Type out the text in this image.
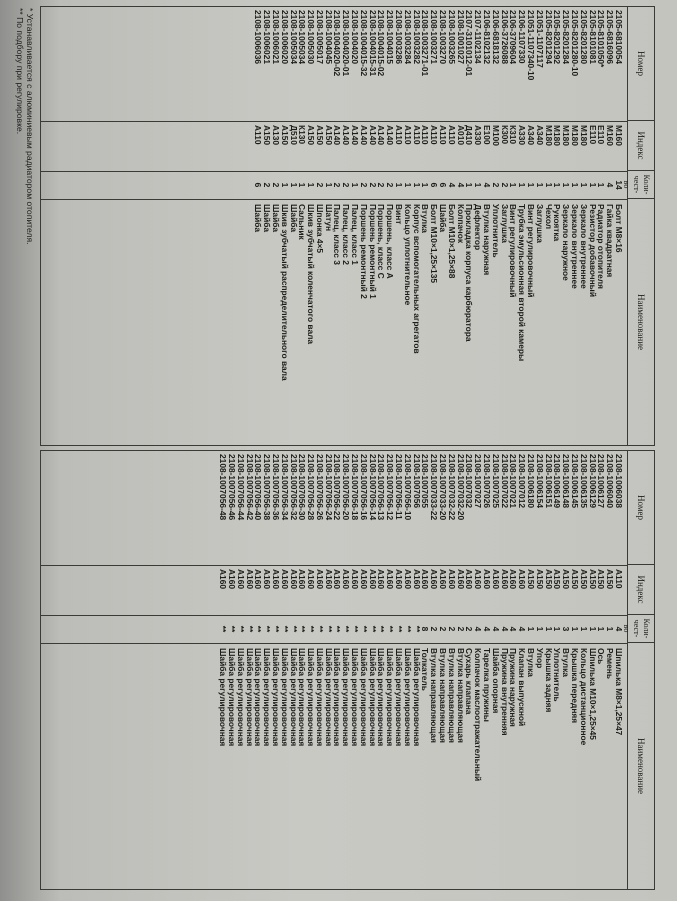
Номер
Индекс
Коли-
чест-
во
Наименование
2105-6810054
М160
14
Болт М8×16
2105-6816096
М160
4
Гайка квадратная
2105-8101050*
Е110
1
Радиатор отопителя
2105-8101081
Е110
1
Резистор добавочный
2105-8201280
М180
1
Зеркало внутреннее
2105-8201280-10
М180
1
Зеркало внутреннее
2105-8201284
М180
1
Зеркало наружное
2105-8201292
М180
1
Рукоятка
2105-8201294
М180
1
Чехол
21051-1107117
А340
1
Заглушка
21051-1107340-10
А340
1
Винт регулировочный
2106-1107330
А330
1
Трубка эмульсионная второй камеры
2106-3709604
К310
1
Винт регулировочный
2106-3726088
К300
2
Заглушка
2106-6818132
М100
2
Уплотнитель
2106-8102132
Е100
4
Втулка наружная
2107-1102134
А330
1
Дефлектор
2107-3101012-01
Д410
1
Прокладка корпуса карбюратора
2108-1001027
А010
4
Колпачок
2108-1003265
А110
4
Болт М10×1,25×88
2108-1003270
А110
6
Шайба
2108-1003271
А110
6
Болт М10×1,25×135
2108-1003271-01
А110
1
Втулка
2108-1003282
А110
1
Корпус вспомогательных агрегатов
2108-1003284
А110
1
Кольцо уплотнительное
2108-1003286
А110
1
Винт
2108-1004015
А140
2
Поршень, класс А
2108-1004015-02
А140
2
Поршень, класс С
2108-1004015-31
А140
2
Поршень ремонтный 1
2108-1004015-32
А140
2
Поршень ремонтный 2
2108-1004020
А140
1
Палец, класс 1
2108-1004020-01
А140
2
Палец, класс 2
2108-1004020-02
А140
2
Палец, класс 3
2108-1004045
А150
1
Шатун
2108-1005017
А150
2
Шпонка 4×5
2108-1005030
А150
1
Шкив зубчатый коленчатого вала
2108-1005034
К130
1
Сальник
2108-1005034
Д510
1
Шайба
2108-1006020
А150
1
Шкив зубчатый распределительного вала
2108-1006021
А130
2
Шайба
2108-1006021
А150
2
Шайба
2108-1006036
А110
6
Шайба
Номер
Индекс
Коли-
чест-
во
Наименование
2108-1006038
А110
4
Шпилька М8×1,25×47
2108-1006040
А150
1
Ремень
2108-1006127
А150
1
Ось
2108-1006129
А150
1
Шпилька М10×1,25×45
2108-1006135
А150
1
Кольцо дистанционное
2108-1006145
А150
1
Крышка передняя
2108-1006148
А150
3
Втулка
2108-1006149
А150
1
Уплотнитель
2108-1006151
А150
1
Крышка задняя
2108-1006154
А150
1
Упор
2108-1006180
А150
1
Втулка
2108-1007012
А160
4
Клапан выпускной
2108-1007021
А160
4
Пружина наружная
2108-1007022
А160
4
Пружина внутренняя
2108-1007025
А160
4
Шайба опорная
2108-1007026
А160
4
Тарелка пружины
2108-1007027
А160
4
Колпачок маслоотражательный
2108-1007032
А160
2
Сухарь клапана
2108-1007032-20
А160
2
Втулка направляющая
2108-1007032-22
А160
2
Втулка направляющая
2108-1007033-20
А160
2
Втулка направляющая
2108-1007033-22
А160
2
Втулка направляющая
2108-1007055
А160
8
Толкатель
2108-1007056
А160
**
Шайба регулировочная
2108-1007056-10
А160
**
Шайба регулировочная
2108-1007056-11
А160
**
Шайба регулировочная
2108-1007056-12
А160
**
Шайба регулировочная
2108-1007056-13
А160
**
Шайба регулировочная
2108-1007056-14
А160
**
Шайба регулировочная
2108-1007056-16
А160
**
Шайба регулировочная
2108-1007056-18
А160
**
Шайба регулировочная
2108-1007056-20
А160
**
Шайба регулировочная
2108-1007056-22
А160
**
Шайба регулировочная
2108-1007056-24
А160
**
Шайба регулировочная
2108-1007056-26
А160
**
Шайба регулировочная
2108-1007056-28
А160
**
Шайба регулировочная
2108-1007056-30
А160
**
Шайба регулировочная
2108-1007056-32
А160
**
Шайба регулировочная
2108-1007056-34
А160
**
Шайба регулировочная
2108-1007056-36
А160
**
Шайба регулировочная
2108-1007056-38
А160
**
Шайба регулировочная
2108-1007056-40
А160
**
Шайба регулировочная
2108-1007056-42
А160
**
Шайба регулировочная
2108-1007056-44
А160
**
Шайба регулировочная
2108-1007056-46
А160
**
Шайба регулировочная
2108-1007056-48
А160
**
Шайба регулировочная
* Устанавливается с алюминиевым радиатором отопителя.
** По подбору при регулировке.
